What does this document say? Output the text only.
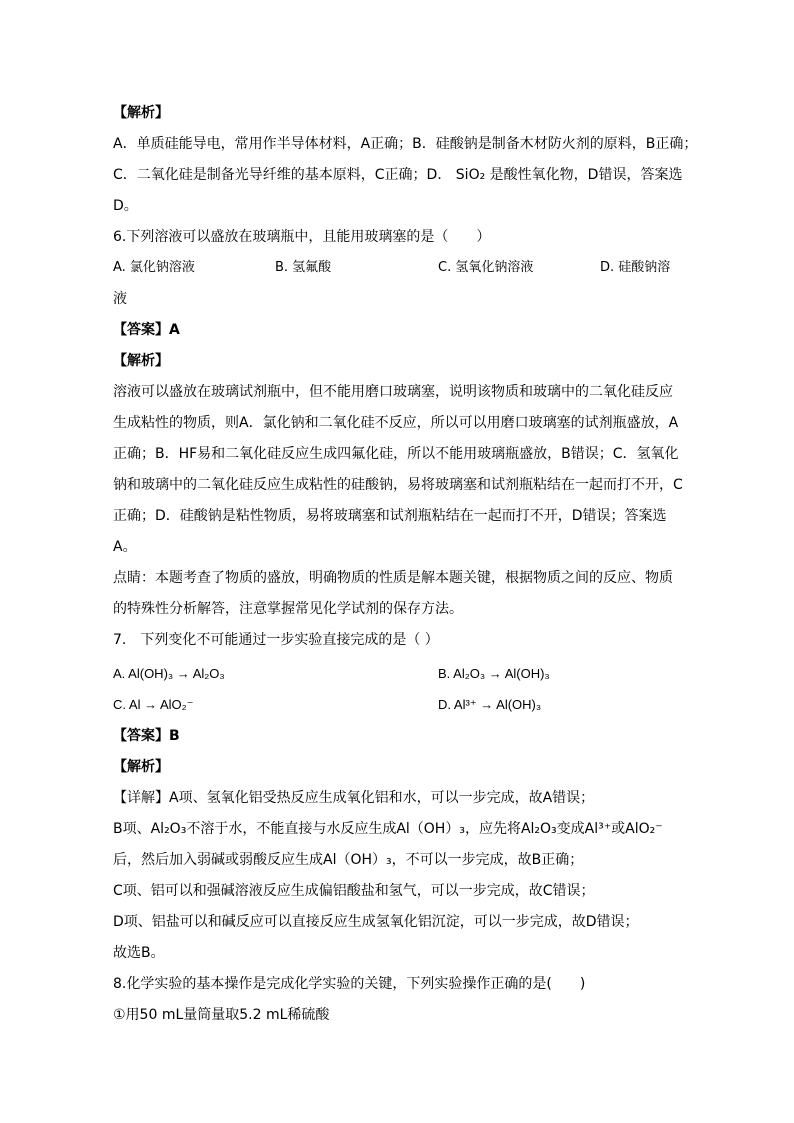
【解析】
A．单质硅能导电，常用作半导体材料，A正确；B．硅酸钠是制备木材防火剂的原料，B正确；
C．二氧化硅是制备光导纤维的基本原料，C正确；D． SiO₂ 是酸性氧化物，D错误，答案选
D。
6.下列溶液可以盛放在玻璃瓶中，且能用玻璃塞的是（　　）
A. 氯化钠溶液	B. 氢氟酸	C. 氢氧化钠溶液	D. 硅酸钠溶
液
【答案】A
【解析】
溶液可以盛放在玻璃试剂瓶中，但不能用磨口玻璃塞，说明该物质和玻璃中的二氧化硅反应
生成粘性的物质，则A．氯化钠和二氧化硅不反应，所以可以用磨口玻璃塞的试剂瓶盛放，A
正确；B．HF易和二氧化硅反应生成四氟化硅，所以不能用玻璃瓶盛放，B错误；C．氢氧化
钠和玻璃中的二氧化硅反应生成粘性的硅酸钠，易将玻璃塞和试剂瓶粘结在一起而打不开，C
正确；D．硅酸钠是粘性物质，易将玻璃塞和试剂瓶粘结在一起而打不开，D错误；答案选
A。
点睛：本题考查了物质的盛放，明确物质的性质是解本题关键，根据物质之间的反应、物质
的特殊性分析解答，注意掌握常见化学试剂的保存方法。
7.　下列变化不可能通过一步实验直接完成的是（ ）
A. Al(OH)₃ → Al₂O₃	B. Al₂O₃ → Al(OH)₃
C. Al → AlO₂⁻	D. Al³⁺ → Al(OH)₃
【答案】B
【解析】
【详解】A项、氢氧化铝受热反应生成氧化铝和水，可以一步完成，故A错误；
B项、Al₂O₃不溶于水，不能直接与水反应生成Al（OH）₃，应先将Al₂O₃变成Al³⁺或AlO₂⁻
后，然后加入弱碱或弱酸反应生成Al（OH）₃，不可以一步完成，故B正确；
C项、铝可以和强碱溶液反应生成偏铝酸盐和氢气，可以一步完成，故C错误；
D项、铝盐可以和碱反应可以直接反应生成氢氧化铝沉淀，可以一步完成，故D错误；
故选B。
8.化学实验的基本操作是完成化学实验的关键，下列实验操作正确的是(　　)
①用50 mL量筒量取5.2 mL稀硫酸
